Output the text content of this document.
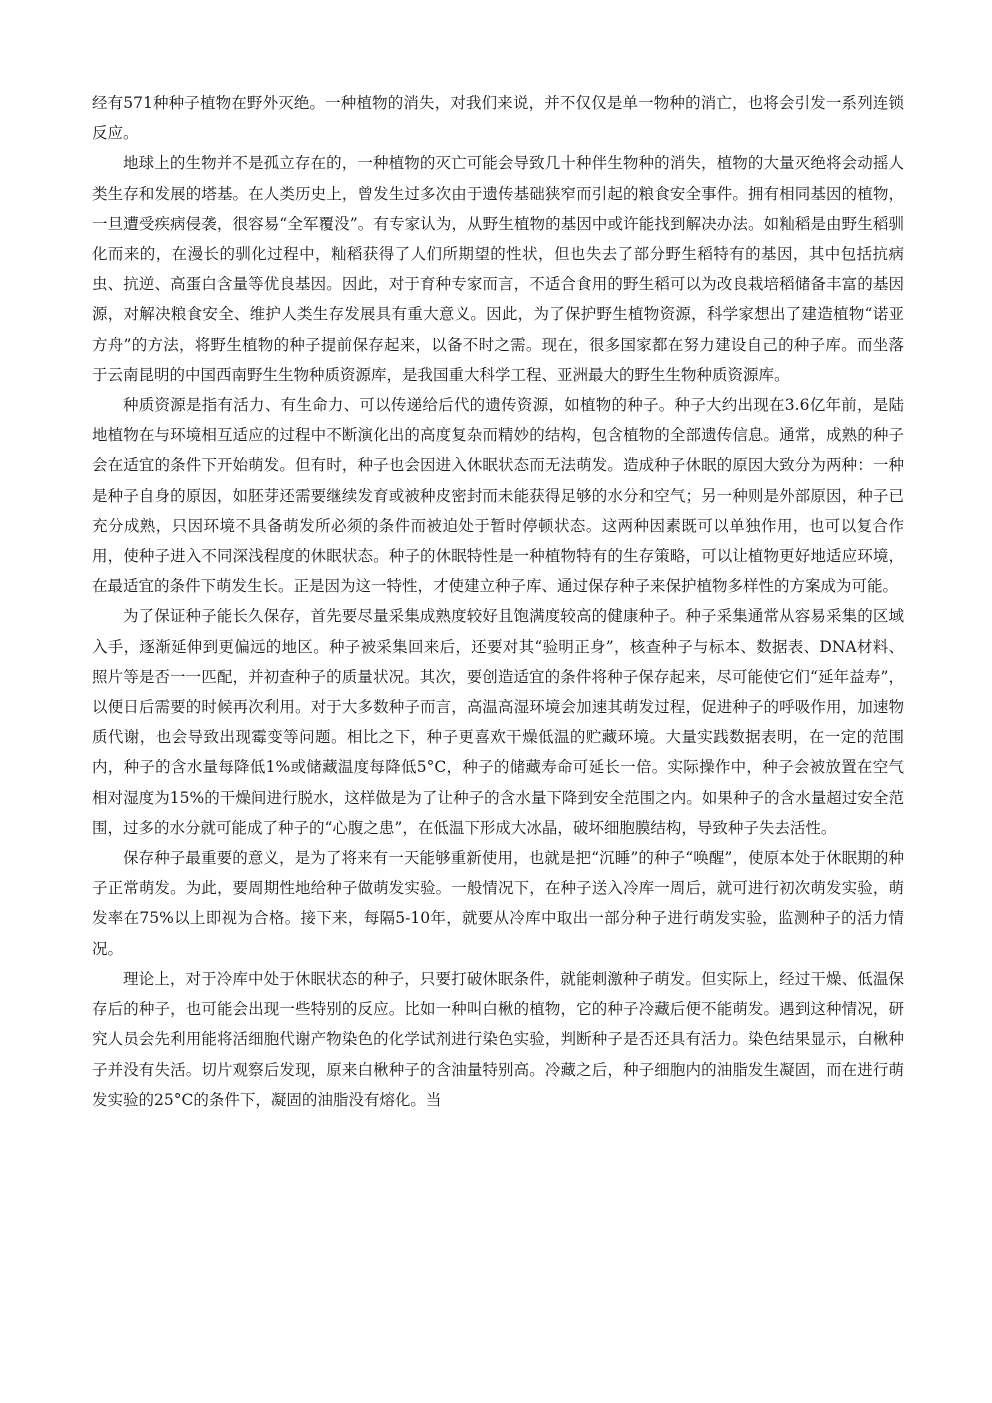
经有571种种子植物在野外灭绝。一种植物的消失，对我们来说，并不仅仅是单一物种的消亡，也将会引发一系列连锁反应。

地球上的生物并不是孤立存在的，一种植物的灭亡可能会导致几十种伴生物种的消失，植物的大量灭绝将会动摇人类生存和发展的塔基。在人类历史上，曾发生过多次由于遗传基础狭窄而引起的粮食安全事件。拥有相同基因的植物，一旦遭受疾病侵袭，很容易“全军覆没”。有专家认为，从野生植物的基因中或许能找到解决办法。如籼稻是由野生稻驯化而来的，在漫长的驯化过程中，籼稻获得了人们所期望的性状，但也失去了部分野生稻特有的基因，其中包括抗病虫、抗逆、高蛋白含量等优良基因。因此，对于育种专家而言，不适合食用的野生稻可以为改良栽培稻储备丰富的基因源，对解决粮食安全、维护人类生存发展具有重大意义。因此，为了保护野生植物资源，科学家想出了建造植物“诺亚方舟”的方法，将野生植物的种子提前保存起来，以备不时之需。现在，很多国家都在努力建设自己的种子库。而坐落于云南昆明的中国西南野生生物种质资源库，是我国重大科学工程、亚洲最大的野生生物种质资源库。

种质资源是指有活力、有生命力、可以传递给后代的遗传资源，如植物的种子。种子大约出现在3.6亿年前，是陆地植物在与环境相互适应的过程中不断演化出的高度复杂而精妙的结构，包含植物的全部遗传信息。通常，成熟的种子会在适宜的条件下开始萌发。但有时，种子也会因进入休眠状态而无法萌发。造成种子休眠的原因大致分为两种：一种是种子自身的原因，如胚芽还需要继续发育或被种皮密封而未能获得足够的水分和空气；另一种则是外部原因，种子已充分成熟，只因环境不具备萌发所必须的条件而被迫处于暂时停顿状态。这两种因素既可以单独作用，也可以复合作用，使种子进入不同深浅程度的休眠状态。种子的休眠特性是一种植物特有的生存策略，可以让植物更好地适应环境，在最适宜的条件下萌发生长。正是因为这一特性，才使建立种子库、通过保存种子来保护植物多样性的方案成为可能。

为了保证种子能长久保存，首先要尽量采集成熟度较好且饱满度较高的健康种子。种子采集通常从容易采集的区域入手，逐渐延伸到更偏远的地区。种子被采集回来后，还要对其“验明正身”，核查种子与标本、数据表、DNA材料、照片等是否一一匹配，并初查种子的质量状况。其次，要创造适宜的条件将种子保存起来，尽可能使它们“延年益寿”，以便日后需要的时候再次利用。对于大多数种子而言，高温高湿环境会加速其萌发过程，促进种子的呼吸作用，加速物质代谢，也会导致出现霉变等问题。相比之下，种子更喜欢干燥低温的贮藏环境。大量实践数据表明，在一定的范围内，种子的含水量每降低1%或储藏温度每降低5°C，种子的储藏寿命可延长一倍。实际操作中，种子会被放置在空气相对湿度为15%的干燥间进行脱水，这样做是为了让种子的含水量下降到安全范围之内。如果种子的含水量超过安全范围，过多的水分就可能成了种子的“心腹之患”，在低温下形成大冰晶，破坏细胞膜结构，导致种子失去活性。

保存种子最重要的意义，是为了将来有一天能够重新使用，也就是把“沉睡”的种子“唤醒”，使原本处于休眠期的种子正常萌发。为此，要周期性地给种子做萌发实验。一般情况下，在种子送入冷库一周后，就可进行初次萌发实验，萌发率在75%以上即视为合格。接下来，每隔5-10年，就要从冷库中取出一部分种子进行萌发实验，监测种子的活力情况。

理论上，对于冷库中处于休眠状态的种子，只要打破休眠条件，就能刺激种子萌发。但实际上，经过干燥、低温保存后的种子，也可能会出现一些特别的反应。比如一种叫白楸的植物，它的种子冷藏后便不能萌发。遇到这种情况，研究人员会先利用能将活细胞代谢产物染色的化学试剂进行染色实验，判断种子是否还具有活力。染色结果显示，白楸种子并没有失活。切片观察后发现，原来白楸种子的含油量特别高。冷藏之后，种子细胞内的油脂发生凝固，而在进行萌发实验的25°C的条件下，凝固的油脂没有熔化。当
